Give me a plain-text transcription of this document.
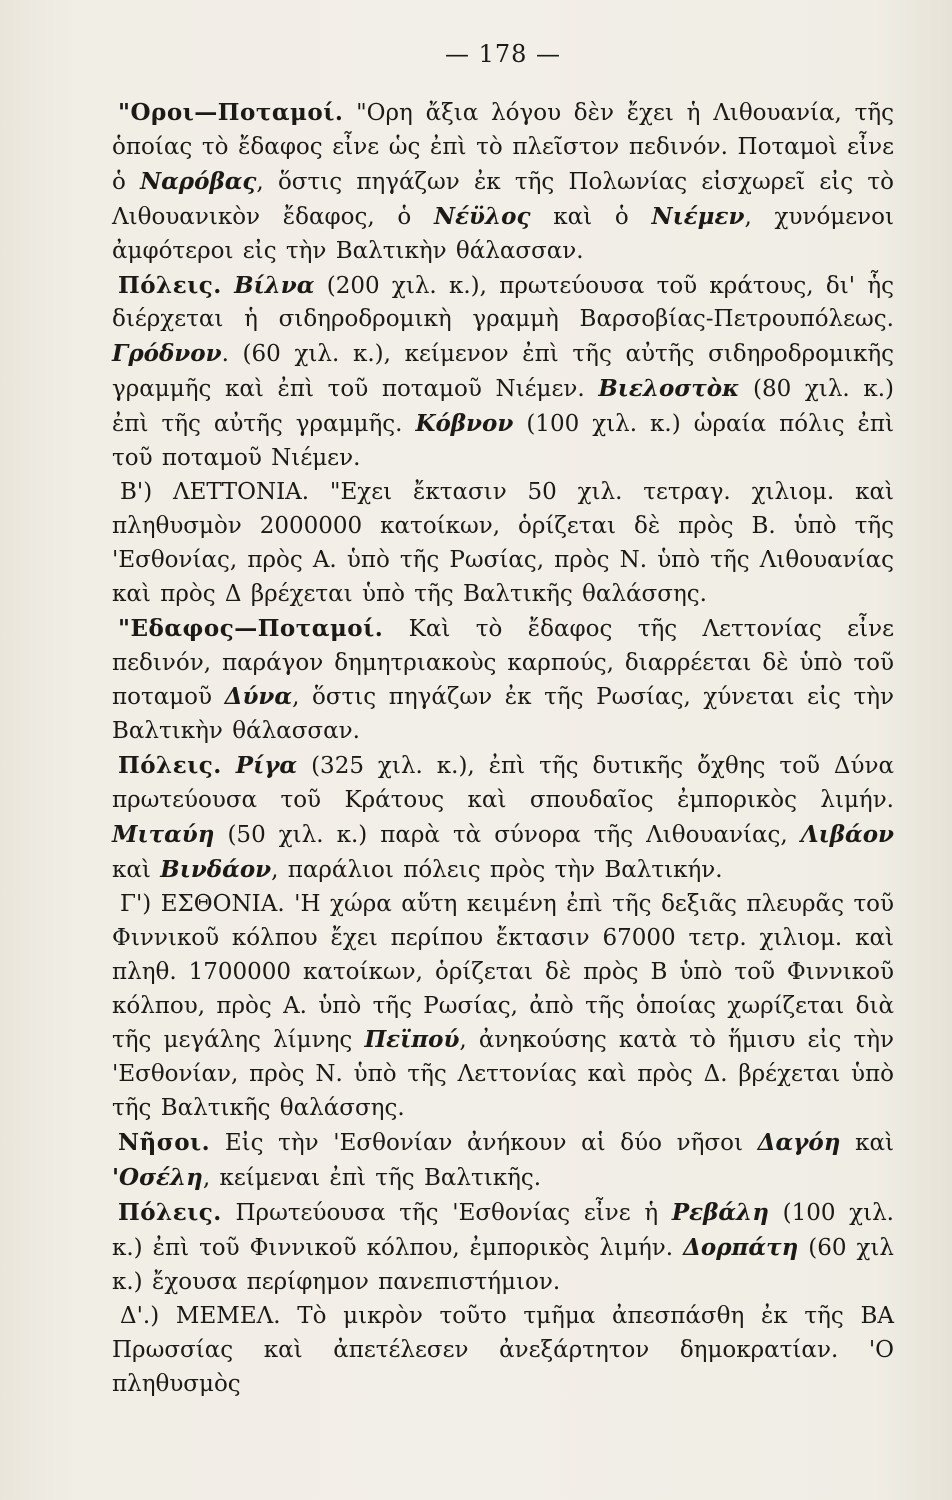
— 178 —

"Οροι—Ποταμοί. "Ορη ἄξια λόγου δὲν ἔχει ἡ Λιθουανία, τῆς ὁποίας τὸ ἔδαφος εἶνε ὡς ἐπὶ τὸ πλεῖστον πεδινόν. Ποταμοὶ εἶνε ὁ Ναρόβας, ὅστις πηγάζων ἐκ τῆς Πολωνίας εἰσχωρεῖ εἰς τὸ Λιθουανικὸν ἔδαφος, ὁ Νέϋλος καὶ ὁ Νιέμεν, χυνόμενοι ἀμφότεροι εἰς τὴν Βαλτικὴν θάλασσαν.

Πόλεις. Βίλνα (200 χιλ. κ.), πρωτεύουσα τοῦ κράτους, δι' ἧς διέρχεται ἡ σιδηροδρομικὴ γραμμὴ Βαρσοβίας-Πετρουπόλεως. Γρόδνον. (60 χιλ. κ.), κείμενον ἐπὶ τῆς αὐτῆς σιδηροδρομικῆς γραμμῆς καὶ ἐπὶ τοῦ ποταμοῦ Νιέμεν. Βιελοστὸκ (80 χιλ. κ.) ἐπὶ τῆς αὐτῆς γραμμῆς. Κόβνον (100 χιλ. κ.) ὡραία πόλις ἐπὶ τοῦ ποταμοῦ Νιέμεν.

Β') ΛΕΤΤΟΝΙΑ. "Εχει ἔκτασιν 50 χιλ. τετραγ. χιλιομ. καὶ πληθυσμὸν 2000000 κατοίκων, ὁρίζεται δὲ πρὸς Β. ὑπὸ τῆς 'Εσθονίας, πρὸς Α. ὑπὸ τῆς Ρωσίας, πρὸς Ν. ὑπὸ τῆς Λιθουανίας καὶ πρὸς Δ βρέχεται ὑπὸ τῆς Βαλτικῆς θαλάσσης.

"Εδαφος—Ποταμοί. Καὶ τὸ ἔδαφος τῆς Λεττονίας εἶνε πεδινόν, παράγον δημητριακοὺς καρπούς, διαρρέεται δὲ ὑπὸ τοῦ ποταμοῦ Δύνα, ὅστις πηγάζων ἐκ τῆς Ρωσίας, χύνεται εἰς τὴν Βαλτικὴν θάλασσαν.

Πόλεις. Ρίγα (325 χιλ. κ.), ἐπὶ τῆς δυτικῆς ὄχθης τοῦ Δύνα πρωτεύουσα τοῦ Κράτους καὶ σπουδαῖος ἐμπορικὸς λιμήν. Μιταύη (50 χιλ. κ.) παρὰ τὰ σύνορα τῆς Λιθουανίας, Λιβάον καὶ Βινδάον, παράλιοι πόλεις πρὸς τὴν Βαλτικήν.

Γ') ΕΣΘΟΝΙΑ. 'Η χώρα αὕτη κειμένη ἐπὶ τῆς δεξιᾶς πλευρᾶς τοῦ Φιννικοῦ κόλπου ἔχει περίπου ἔκτασιν 67000 τετρ. χιλιομ. καὶ πληθ. 1700000 κατοίκων, ὁρίζεται δὲ πρὸς Β ὑπὸ τοῦ Φιννικοῦ κόλπου, πρὸς Α. ὑπὸ τῆς Ρωσίας, ἀπὸ τῆς ὁποίας χωρίζεται διὰ τῆς μεγάλης λίμνης Πεϊπού, ἀνηκούσης κατὰ τὸ ἥμισυ εἰς τὴν 'Εσθονίαν, πρὸς Ν. ὑπὸ τῆς Λεττονίας καὶ πρὸς Δ. βρέχεται ὑπὸ τῆς Βαλτικῆς θαλάσσης.

Νῆσοι. Εἰς τὴν 'Εσθονίαν ἀνήκουν αἱ δύο νῆσοι Δαγόη καὶ 'Οσέλη, κείμεναι ἐπὶ τῆς Βαλτικῆς.

Πόλεις. Πρωτεύουσα τῆς 'Εσθονίας εἶνε ἡ Ρεβάλη (100 χιλ. κ.) ἐπὶ τοῦ Φιννικοῦ κόλπου, ἐμπορικὸς λιμήν. Δορπάτη (60 χιλ κ.) ἔχουσα περίφημον πανεπιστήμιον.

Δ'.) ΜΕΜΕΛ. Τὸ μικρὸν τοῦτο τμῆμα ἀπεσπάσθη ἐκ τῆς ΒΑ Πρωσσίας καὶ ἀπετέλεσεν ἀνεξάρτητον δημοκρατίαν. 'Ο πληθυσμὸς
